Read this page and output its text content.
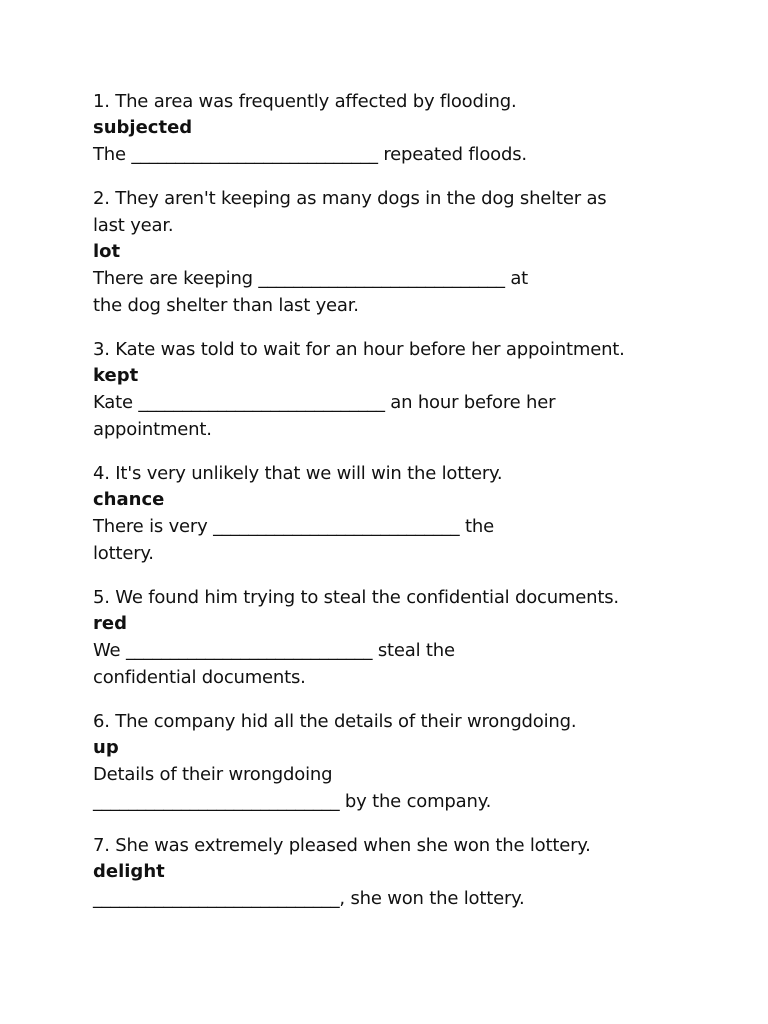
1. The area was frequently affected by flooding.
subjected
The ____________________________ repeated floods.
2. They aren't keeping as many dogs in the dog shelter as
last year.
lot
There are keeping ____________________________ at
the dog shelter than last year.
3. Kate was told to wait for an hour before her appointment.
kept
Kate ____________________________ an hour before her
appointment.
4. It's very unlikely that we will win the lottery.
chance
There is very ____________________________ the
lottery.
5. We found him trying to steal the confidential documents.
red
We ____________________________ steal the
confidential documents.
6. The company hid all the details of their wrongdoing.
up
Details of their wrongdoing
____________________________ by the company.
7. She was extremely pleased when she won the lottery.
delight
____________________________, she won the lottery.
